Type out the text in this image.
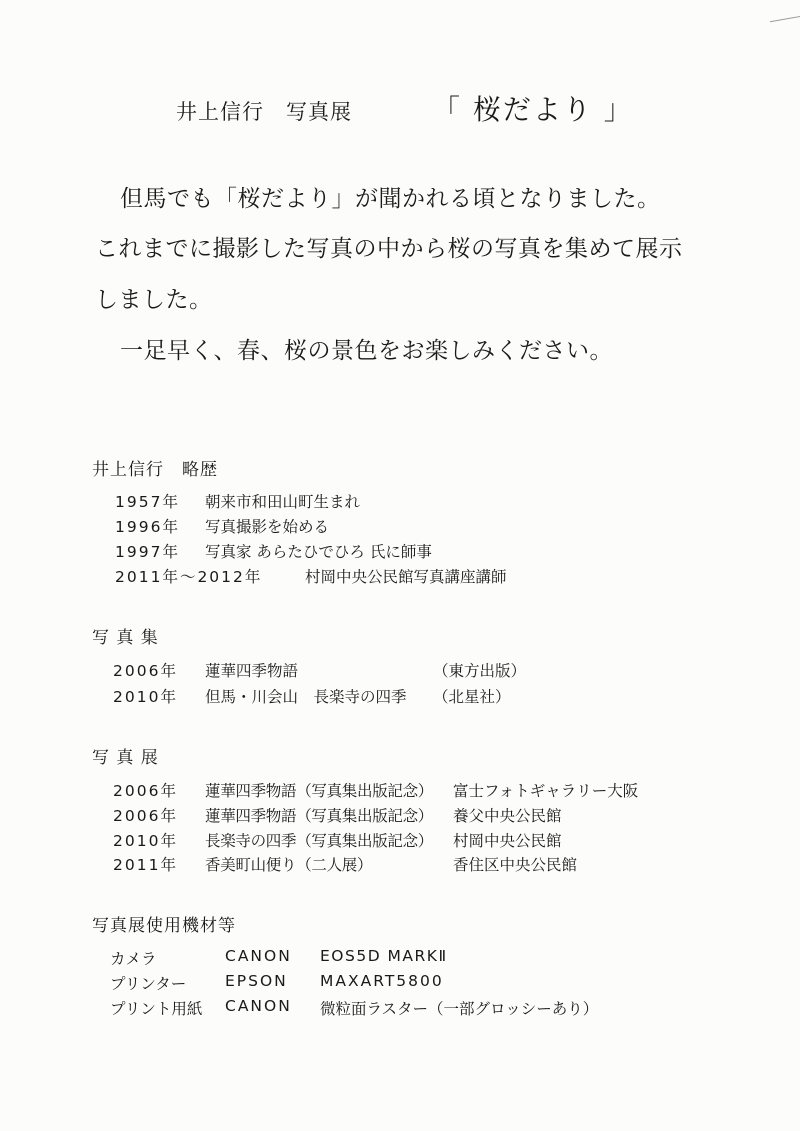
井上信行　写真展	「 桜だより 」
但馬でも「桜だより」が聞かれる頃となりました。
これまでに撮影した写真の中から桜の写真を集めて展示
しました。
一足早く、春、桜の景色をお楽しみください。
井上信行　略歴
1957年 朝来市和田山町生まれ
1996年 写真撮影を始める
1997年 写真家 あらたひでひろ 氏に師事
2011年～2012年	村岡中央公民館写真講座講師
写 真 集
2006年 蓮華四季物語	（東方出版）
2010年 但馬・川会山　長楽寺の四季 （北星社）
写 真 展
2006年 蓮華四季物語（写真集出版記念） 富士フォトギャラリー大阪
2006年 蓮華四季物語（写真集出版記念） 養父中央公民館
2010年 長楽寺の四季（写真集出版記念） 村岡中央公民館
2011年 香美町山便り（二人展）	香住区中央公民館
写真展使用機材等
カメラ	CANON EOS5D MARKⅡ
プリンター EPSON MAXART5800
プリント用紙 CANON 微粒面ラスター（一部グロッシーあり）
